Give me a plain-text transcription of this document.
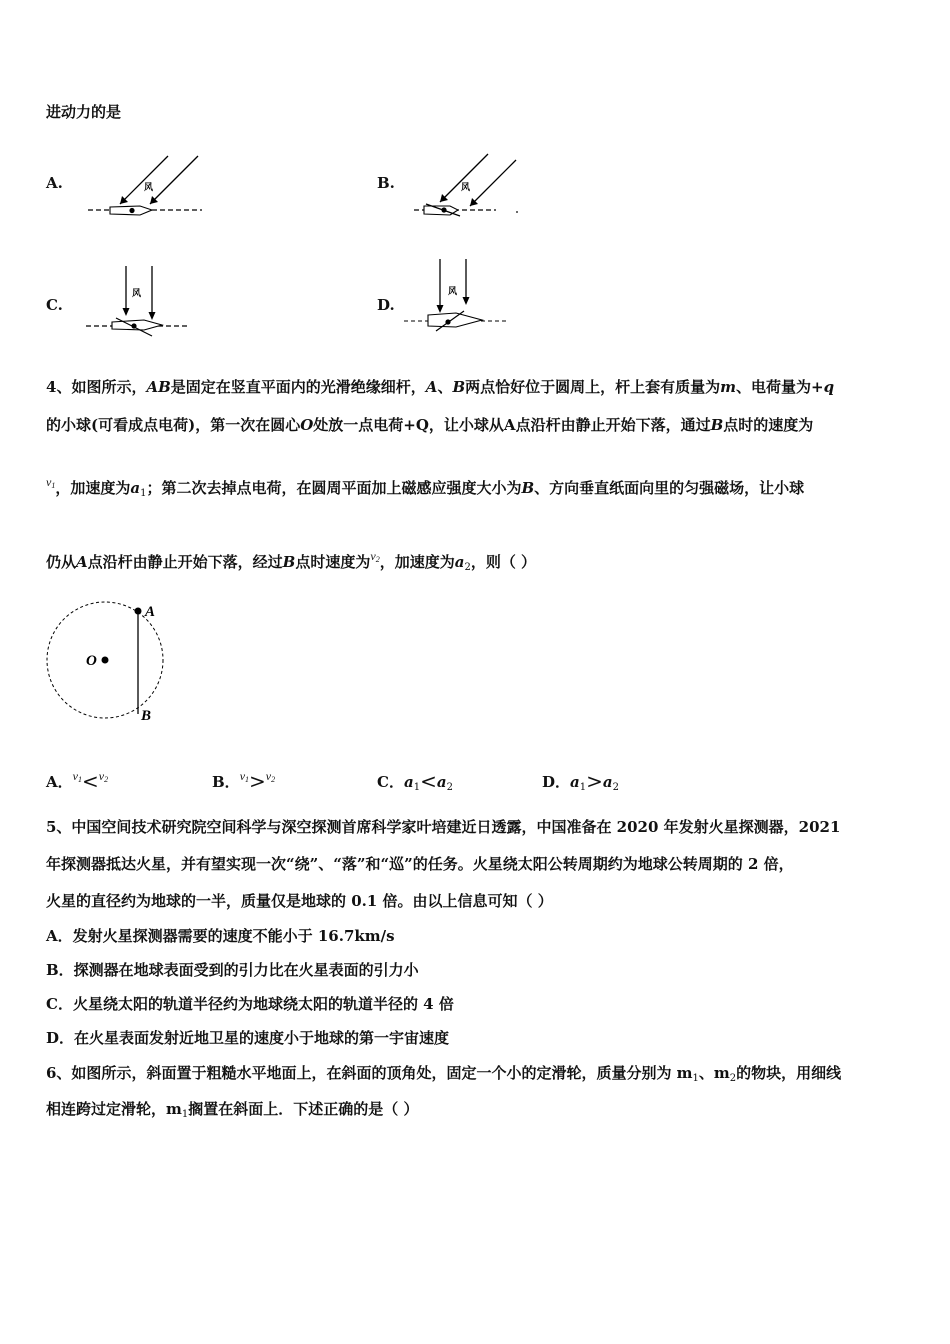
进动力的是
A.	风	B.	风
C.
风
D.
风
4、如图所示，AB是固定在竖直平面内的光滑绝缘细杆，A、B两点恰好位于圆周上，杆上套有质量为m、电荷量为+q
的小球(可看成点电荷)，第一次在圆心O处放一点电荷+Q，让小球从A点沿杆由静止开始下落，通过B点时的速度为
$^{v_1}$，加速度为$a_1$；第二次去掉点电荷，在圆周平面加上磁感应强度大小为B、方向垂直纸面向里的匀强磁场，让小球
仍从A点沿杆由静止开始下落，经过B点时速度为$^{v_2}$，加速度为$a_2$，则（ ）
A
O
B
A．$^{v_1}$<$^{v_2}$	B．$^{v_1}$>$^{v_2}$	C．$a_1<a_2$	D．$a_1>a_2$
5、中国空间技术研究院空间科学与深空探测首席科学家叶培建近日透露，中国准备在 2020 年发射火星探测器，2021
年探测器抵达火星，并有望实现一次“绕”、“落”和“巡”的任务。火星绕太阳公转周期约为地球公转周期的 2 倍，
火星的直径约为地球的一半，质量仅是地球的 0.1 倍。由以上信息可知（ ）
A．发射火星探测器需要的速度不能小于 16.7km/s
B．探测器在地球表面受到的引力比在火星表面的引力小
C．火星绕太阳的轨道半径约为地球绕太阳的轨道半径的 4 倍
D．在火星表面发射近地卫星的速度小于地球的第一宇宙速度
6、如图所示，斜面置于粗糙水平地面上，在斜面的顶角处，固定一个小的定滑轮，质量分别为 $m_1$、$m_2$的物块，用细线
相连跨过定滑轮，$m_1$搁置在斜面上．下述正确的是（ ）
